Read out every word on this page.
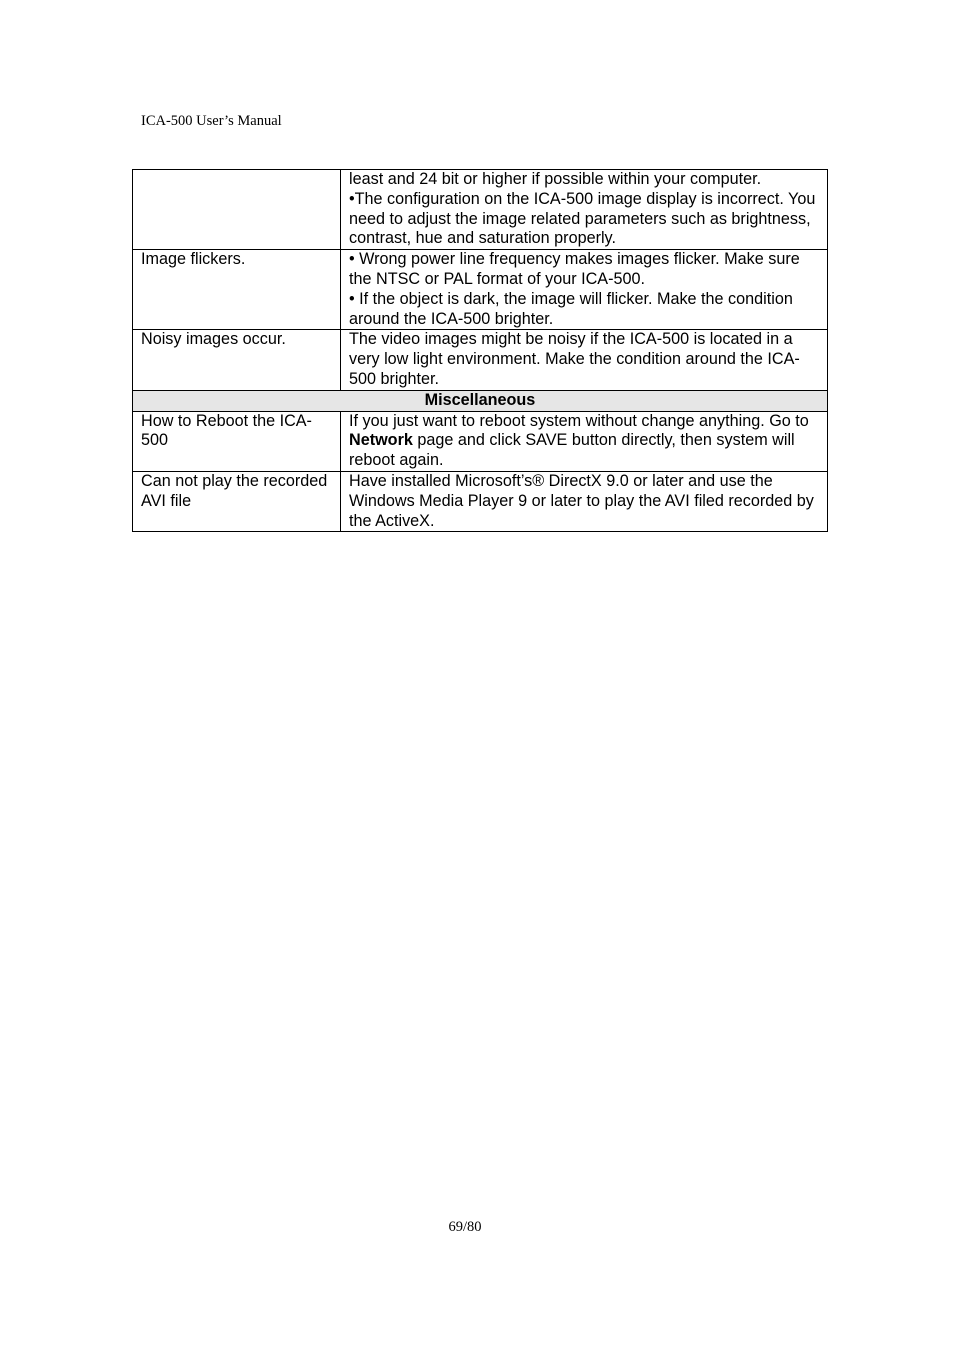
ICA-500 User’s Manual

	least and 24 bit or higher if possible within your computer.

•The configuration on the ICA-500 image display is incorrect. You need to adjust the image related parameters such as brightness, contrast, hue and saturation properly.

Image flickers.	• Wrong power line frequency makes images flicker. Make sure the NTSC or PAL format of your ICA-500.

• If the object is dark, the image will flicker. Make the condition around the ICA-500 brighter.

Noisy images occur.	The video images might be noisy if the ICA-500 is located in a very low light environment. Make the condition around the ICA-500 brighter.

Miscellaneous	
How to Reboot the ICA-500	If you just want to reboot system without change anything. Go to Network page and click SAVE button directly, then system will reboot again.

Can not play the recorded AVI file	Have installed Microsoft’s® DirectX 9.0 or later and use the Windows Media Player 9 or later to play the AVI filed recorded by the ActiveX.

69/80
